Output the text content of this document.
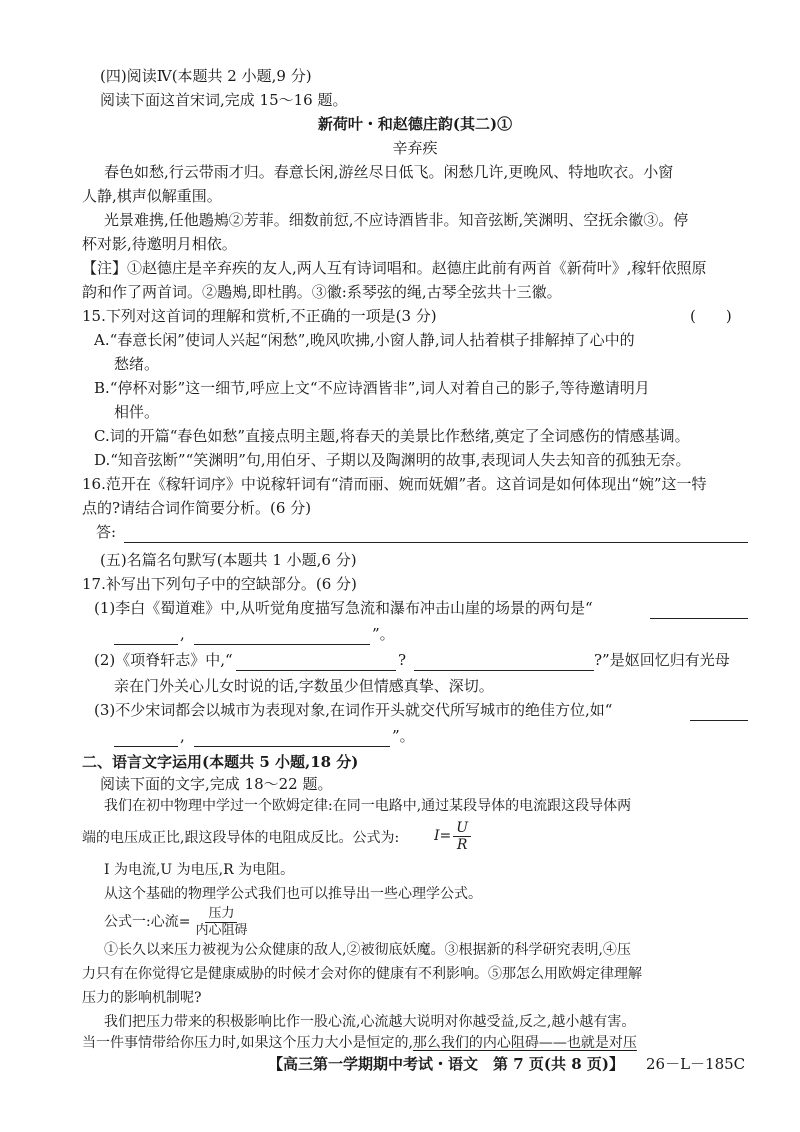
(四)阅读Ⅳ(本题共 2 小题,9 分)
阅读下面这首宋词,完成 15～16 题。
新荷叶・和赵德庄韵(其二)①
辛弃疾
春色如愁,行云带雨才归。春意长闲,游丝尽日低飞。闲愁几许,更晚风、特地吹衣。小窗
人静,棋声似解重围。
光景难携,任他鶗鴂②芳菲。细数前愆,不应诗酒皆非。知音弦断,笑渊明、空抚余徽③。停
杯对影,待邀明月相依。
【注】①赵德庄是辛弃疾的友人,两人互有诗词唱和。赵德庄此前有两首《新荷叶》,稼轩依照原
韵和作了两首词。②鶗鴂,即杜鹃。③徽:系琴弦的绳,古琴全弦共十三徽。
15.下列对这首词的理解和赏析,不正确的一项是(3 分)	(　　)
A.“春意长闲”使词人兴起“闲愁”,晚风吹拂,小窗人静,词人拈着棋子排解掉了心中的
愁绪。
B.“停杯对影”这一细节,呼应上文“不应诗酒皆非”,词人对着自己的影子,等待邀请明月
相伴。
C.词的开篇“春色如愁”直接点明主题,将春天的美景比作愁绪,奠定了全词感伤的情感基调。
D.“知音弦断”“笑渊明”句,用伯牙、子期以及陶渊明的故事,表现词人失去知音的孤独无奈。
16.范开在《稼轩词序》中说稼轩词有“清而丽、婉而妩媚”者。这首词是如何体现出“婉”这一特
点的?请结合词作简要分析。(6 分)
答:
(五)名篇名句默写(本题共 1 小题,6 分)
17.补写出下列句子中的空缺部分。(6 分)
(1)李白《蜀道难》中,从听觉角度描写急流和瀑布冲击山崖的场景的两句是“
,	”。
(2)《项脊轩志》中,“	?	?”是妪回忆归有光母
亲在门外关心儿女时说的话,字数虽少但情感真挚、深切。
(3)不少宋词都会以城市为表现对象,在词作开头就交代所写城市的绝佳方位,如“
,	”。
二、语言文字运用(本题共 5 小题,18 分)
阅读下面的文字,完成 18～22 题。
我们在初中物理中学过一个欧姆定律:在同一电路中,通过某段导体的电流跟这段导体两
端的电压成正比,跟这段导体的电阻成反比。公式为:	$I= \frac{U}{R}$
I 为电流,U 为电压,R 为电阻。
从这个基础的物理学公式我们也可以推导出一些心理学公式。
公式一:心流= $\frac{\text{压力}}{\text{内心阻碍}}$
①长久以来压力被视为公众健康的敌人,②被彻底妖魔。③根据新的科学研究表明,④压
力只有在你觉得它是健康威胁的时候才会对你的健康有不利影响。⑤那怎么用欧姆定律理解
压力的影响机制呢?
我们把压力带来的积极影响比作一股心流,心流越大说明对你越受益,反之,越小越有害。
当一件事情带给你压力时,如果这个压力大小是恒定的,那么我们的内心阻碍——也就是对压
【高三第一学期期中考试・语文　第 7 页(共 8 页)】 26－L－185C
